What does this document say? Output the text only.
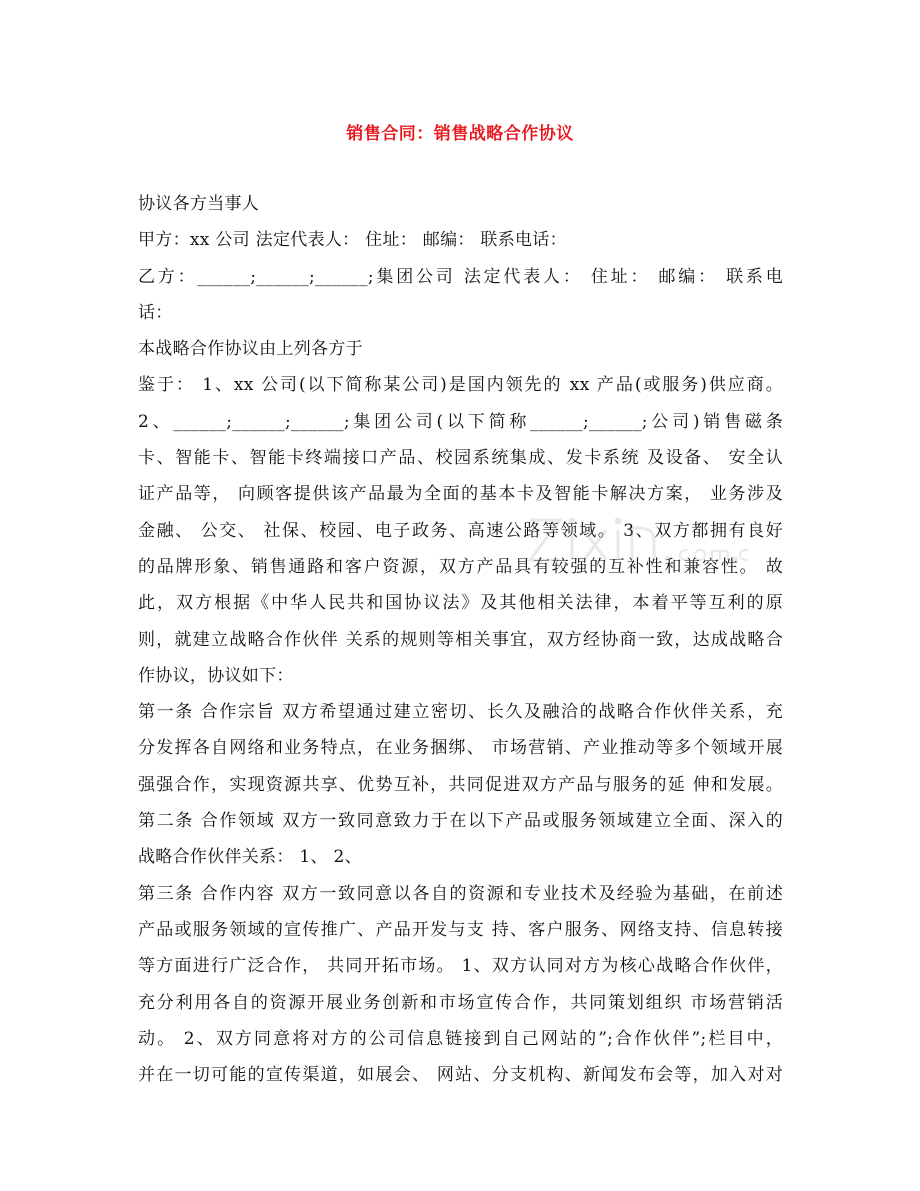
销售合同：销售战略合作协议
协议各方当事人
甲方：xx 公司 法定代表人： 住址： 邮编： 联系电话：
乙方：______;______;______;集团公司 法定代表人： 住址： 邮编： 联系电
话：
本战略合作协议由上列各方于
鉴于： 1、xx 公司(以下简称某公司)是国内领先的 xx 产品(或服务)供应商。
2、______;______;______;集团公司(以下简称______;______;公司)销售磁条
卡、智能卡、智能卡终端接口产品、校园系统集成、发卡系统 及设备、 安全认
证产品等， 向顾客提供该产品最为全面的基本卡及智能卡解决方案， 业务涉及
金融、 公交、 社保、校园、电子政务、高速公路等领域。 3、双方都拥有良好
的品牌形象、销售通路和客户资源，双方产品具有较强的互补性和兼容性。 故
此，双方根据《中华人民共和国协议法》及其他相关法律，本着平等互利的原
则，就建立战略合作伙伴 关系的规则等相关事宜，双方经协商一致，达成战略合
作协议，协议如下：
第一条 合作宗旨 双方希望通过建立密切、长久及融洽的战略合作伙伴关系，充
分发挥各自网络和业务特点，在业务捆绑、 市场营销、产业推动等多个领域开展
强强合作，实现资源共享、优势互补，共同促进双方产品与服务的延 伸和发展。
第二条 合作领域 双方一致同意致力于在以下产品或服务领域建立全面、深入的
战略合作伙伴关系： 1、 2、
第三条 合作内容 双方一致同意以各自的资源和专业技术及经验为基础，在前述
产品或服务领域的宣传推广、产品开发与支 持、客户服务、网络支持、信息转接
等方面进行广泛合作， 共同开拓市场。 1、双方认同对方为核心战略合作伙伴，
充分利用各自的资源开展业务创新和市场宣传合作，共同策划组织 市场营销活
动。 2、双方同意将对方的公司信息链接到自己网站的”;合作伙伴”;栏目中，
并在一切可能的宣传渠道，如展会、 网站、分支机构、新闻发布会等，加入对对
